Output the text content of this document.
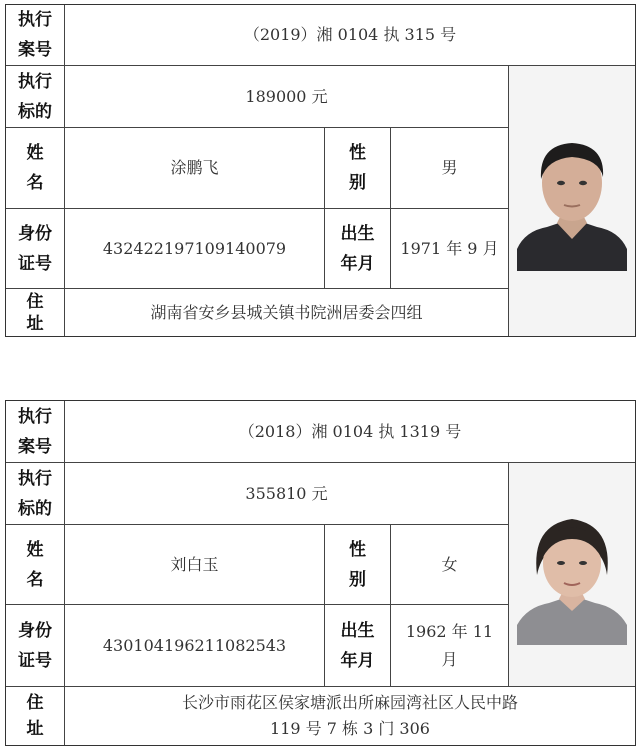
执行
案号
（2019）湘 0104 执 315 号
执行
标的
189000 元
姓
名
涂鹏飞
性
别
男
身份
证号
432422197109140079
出生
年月
1971 年 9 月
住
址
湖南省安乡县城关镇书院洲居委会四组
执行
案号
（2018）湘 0104 执 1319 号
执行
标的
355810 元
姓
名
刘白玉
性
别
女
身份
证号
430104196211082543
出生
年月
1962 年 11 月
住
址
长沙市雨花区侯家塘派出所麻园湾社区人民中路
119 号 7 栋 3 门 306
